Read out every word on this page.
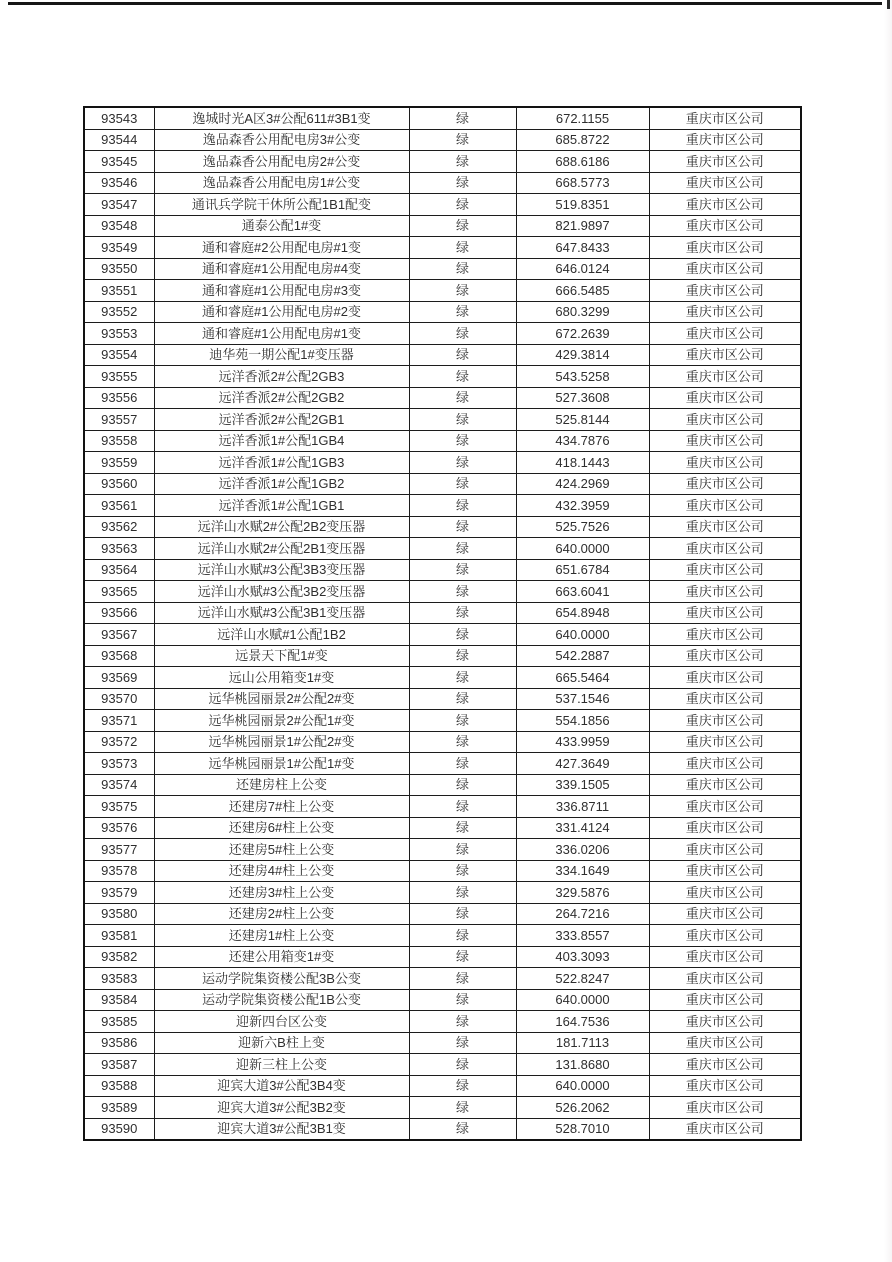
93543	逸城时光A区3#公配611#3B1变	绿	672.1155	重庆市区公司
93544	逸品森香公用配电房3#公变	绿	685.8722	重庆市区公司
93545	逸品森香公用配电房2#公变	绿	688.6186	重庆市区公司
93546	逸品森香公用配电房1#公变	绿	668.5773	重庆市区公司
93547	通讯兵学院干休所公配1B1配变	绿	519.8351	重庆市区公司
93548	通泰公配1#变	绿	821.9897	重庆市区公司
93549	通和睿庭#2公用配电房#1变	绿	647.8433	重庆市区公司
93550	通和睿庭#1公用配电房#4变	绿	646.0124	重庆市区公司
93551	通和睿庭#1公用配电房#3变	绿	666.5485	重庆市区公司
93552	通和睿庭#1公用配电房#2变	绿	680.3299	重庆市区公司
93553	通和睿庭#1公用配电房#1变	绿	672.2639	重庆市区公司
93554	迪华苑一期公配1#变压器	绿	429.3814	重庆市区公司
93555	远洋香派2#公配2GB3	绿	543.5258	重庆市区公司
93556	远洋香派2#公配2GB2	绿	527.3608	重庆市区公司
93557	远洋香派2#公配2GB1	绿	525.8144	重庆市区公司
93558	远洋香派1#公配1GB4	绿	434.7876	重庆市区公司
93559	远洋香派1#公配1GB3	绿	418.1443	重庆市区公司
93560	远洋香派1#公配1GB2	绿	424.2969	重庆市区公司
93561	远洋香派1#公配1GB1	绿	432.3959	重庆市区公司
93562	远洋山水赋2#公配2B2变压器	绿	525.7526	重庆市区公司
93563	远洋山水赋2#公配2B1变压器	绿	640.0000	重庆市区公司
93564	远洋山水赋#3公配3B3变压器	绿	651.6784	重庆市区公司
93565	远洋山水赋#3公配3B2变压器	绿	663.6041	重庆市区公司
93566	远洋山水赋#3公配3B1变压器	绿	654.8948	重庆市区公司
93567	远洋山水赋#1公配1B2	绿	640.0000	重庆市区公司
93568	远景天下配1#变	绿	542.2887	重庆市区公司
93569	远山公用箱变1#变	绿	665.5464	重庆市区公司
93570	远华桃园丽景2#公配2#变	绿	537.1546	重庆市区公司
93571	远华桃园丽景2#公配1#变	绿	554.1856	重庆市区公司
93572	远华桃园丽景1#公配2#变	绿	433.9959	重庆市区公司
93573	远华桃园丽景1#公配1#变	绿	427.3649	重庆市区公司
93574	还建房柱上公变	绿	339.1505	重庆市区公司
93575	还建房7#柱上公变	绿	336.8711	重庆市区公司
93576	还建房6#柱上公变	绿	331.4124	重庆市区公司
93577	还建房5#柱上公变	绿	336.0206	重庆市区公司
93578	还建房4#柱上公变	绿	334.1649	重庆市区公司
93579	还建房3#柱上公变	绿	329.5876	重庆市区公司
93580	还建房2#柱上公变	绿	264.7216	重庆市区公司
93581	还建房1#柱上公变	绿	333.8557	重庆市区公司
93582	还建公用箱变1#变	绿	403.3093	重庆市区公司
93583	运动学院集资楼公配3B公变	绿	522.8247	重庆市区公司
93584	运动学院集资楼公配1B公变	绿	640.0000	重庆市区公司
93585	迎新四台区公变	绿	164.7536	重庆市区公司
93586	迎新六B柱上变	绿	181.7113	重庆市区公司
93587	迎新三柱上公变	绿	131.8680	重庆市区公司
93588	迎宾大道3#公配3B4变	绿	640.0000	重庆市区公司
93589	迎宾大道3#公配3B2变	绿	526.2062	重庆市区公司
93590	迎宾大道3#公配3B1变	绿	528.7010	重庆市区公司
